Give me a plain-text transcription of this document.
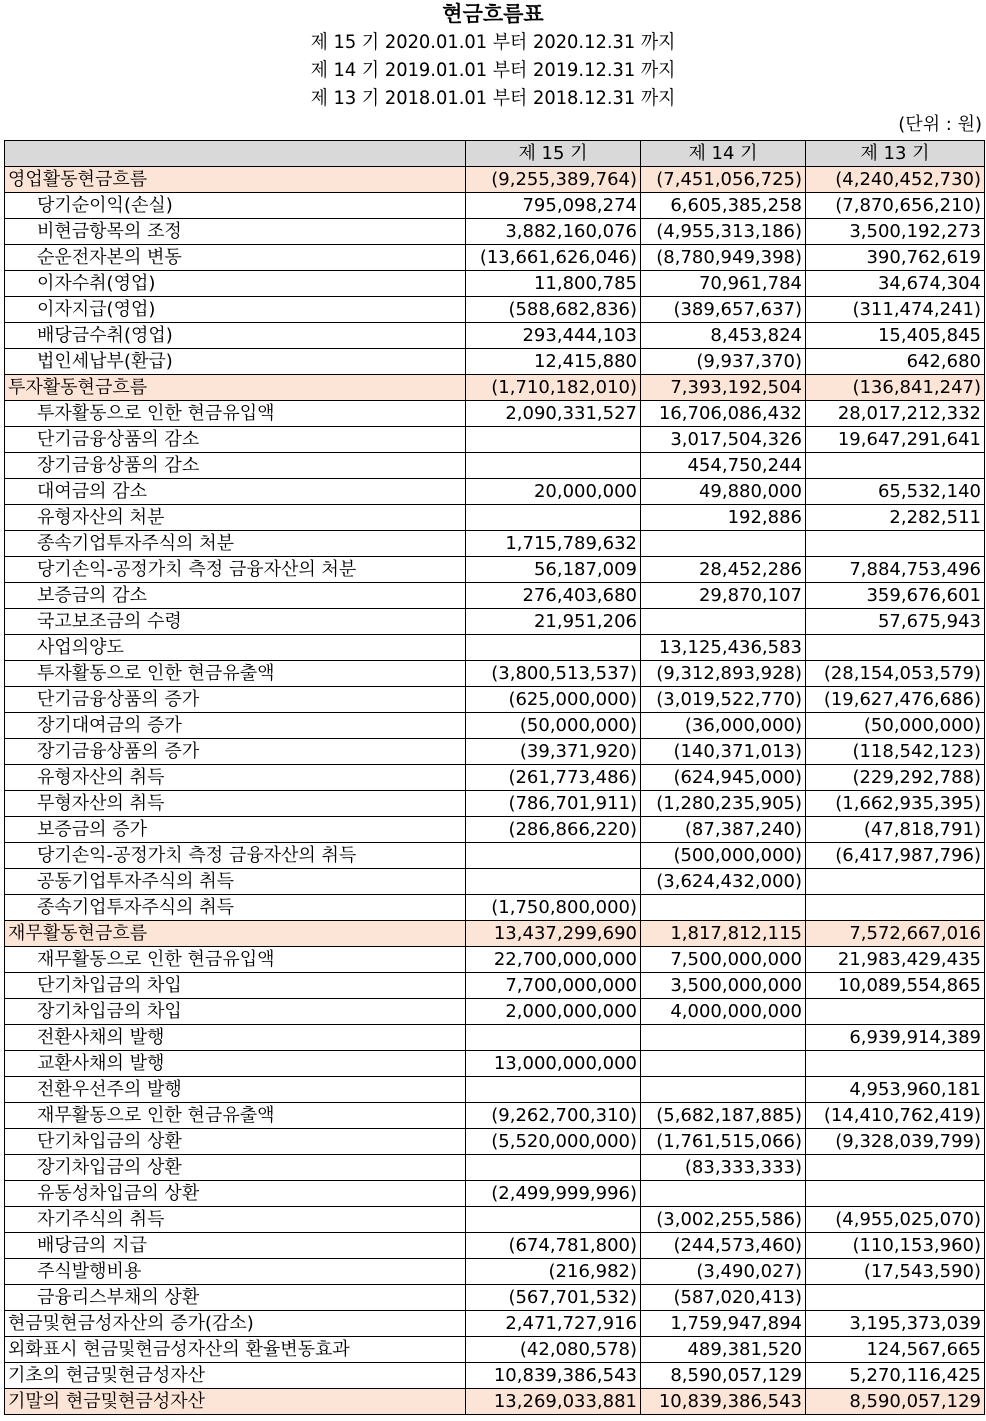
현금흐름표
제 15 기 2020.01.01 부터 2020.12.31 까지
제 14 기 2019.01.01 부터 2019.12.31 까지
제 13 기 2018.01.01 부터 2018.12.31 까지
(단위 : 원)
	제 15 기	제 14 기	제 13 기
영업활동현금흐름	(9,255,389,764)	(7,451,056,725)	(4,240,452,730)
당기순이익(손실)	795,098,274	6,605,385,258	(7,870,656,210)
비현금항목의 조정	3,882,160,076	(4,955,313,186)	3,500,192,273
순운전자본의 변동	(13,661,626,046)	(8,780,949,398)	390,762,619
이자수취(영업)	11,800,785	70,961,784	34,674,304
이자지급(영업)	(588,682,836)	(389,657,637)	(311,474,241)
배당금수취(영업)	293,444,103	8,453,824	15,405,845
법인세납부(환급)	12,415,880	(9,937,370)	642,680
투자활동현금흐름	(1,710,182,010)	7,393,192,504	(136,841,247)
투자활동으로 인한 현금유입액	2,090,331,527	16,706,086,432	28,017,212,332
단기금융상품의 감소		3,017,504,326	19,647,291,641
장기금융상품의 감소		454,750,244	
대여금의 감소	20,000,000	49,880,000	65,532,140
유형자산의 처분		192,886	2,282,511
종속기업투자주식의 처분	1,715,789,632		
당기손익-공정가치 측정 금융자산의 처분	56,187,009	28,452,286	7,884,753,496
보증금의 감소	276,403,680	29,870,107	359,676,601
국고보조금의 수령	21,951,206		57,675,943
사업의양도		13,125,436,583	
투자활동으로 인한 현금유출액	(3,800,513,537)	(9,312,893,928)	(28,154,053,579)
단기금융상품의 증가	(625,000,000)	(3,019,522,770)	(19,627,476,686)
장기대여금의 증가	(50,000,000)	(36,000,000)	(50,000,000)
장기금융상품의 증가	(39,371,920)	(140,371,013)	(118,542,123)
유형자산의 취득	(261,773,486)	(624,945,000)	(229,292,788)
무형자산의 취득	(786,701,911)	(1,280,235,905)	(1,662,935,395)
보증금의 증가	(286,866,220)	(87,387,240)	(47,818,791)
당기손익-공정가치 측정 금융자산의 취득		(500,000,000)	(6,417,987,796)
공동기업투자주식의 취득		(3,624,432,000)	
종속기업투자주식의 취득	(1,750,800,000)		
재무활동현금흐름	13,437,299,690	1,817,812,115	7,572,667,016
재무활동으로 인한 현금유입액	22,700,000,000	7,500,000,000	21,983,429,435
단기차입금의 차입	7,700,000,000	3,500,000,000	10,089,554,865
장기차입금의 차입	2,000,000,000	4,000,000,000	
전환사채의 발행			6,939,914,389
교환사채의 발행	13,000,000,000		
전환우선주의 발행			4,953,960,181
재무활동으로 인한 현금유출액	(9,262,700,310)	(5,682,187,885)	(14,410,762,419)
단기차입금의 상환	(5,520,000,000)	(1,761,515,066)	(9,328,039,799)
장기차입금의 상환		(83,333,333)	
유동성차입금의 상환	(2,499,999,996)		
자기주식의 취득		(3,002,255,586)	(4,955,025,070)
배당금의 지급	(674,781,800)	(244,573,460)	(110,153,960)
주식발행비용	(216,982)	(3,490,027)	(17,543,590)
금융리스부채의 상환	(567,701,532)	(587,020,413)	
현금및현금성자산의 증가(감소)	2,471,727,916	1,759,947,894	3,195,373,039
외화표시 현금및현금성자산의 환율변동효과	(42,080,578)	489,381,520	124,567,665
기초의 현금및현금성자산	10,839,386,543	8,590,057,129	5,270,116,425
기말의 현금및현금성자산	13,269,033,881	10,839,386,543	8,590,057,129
